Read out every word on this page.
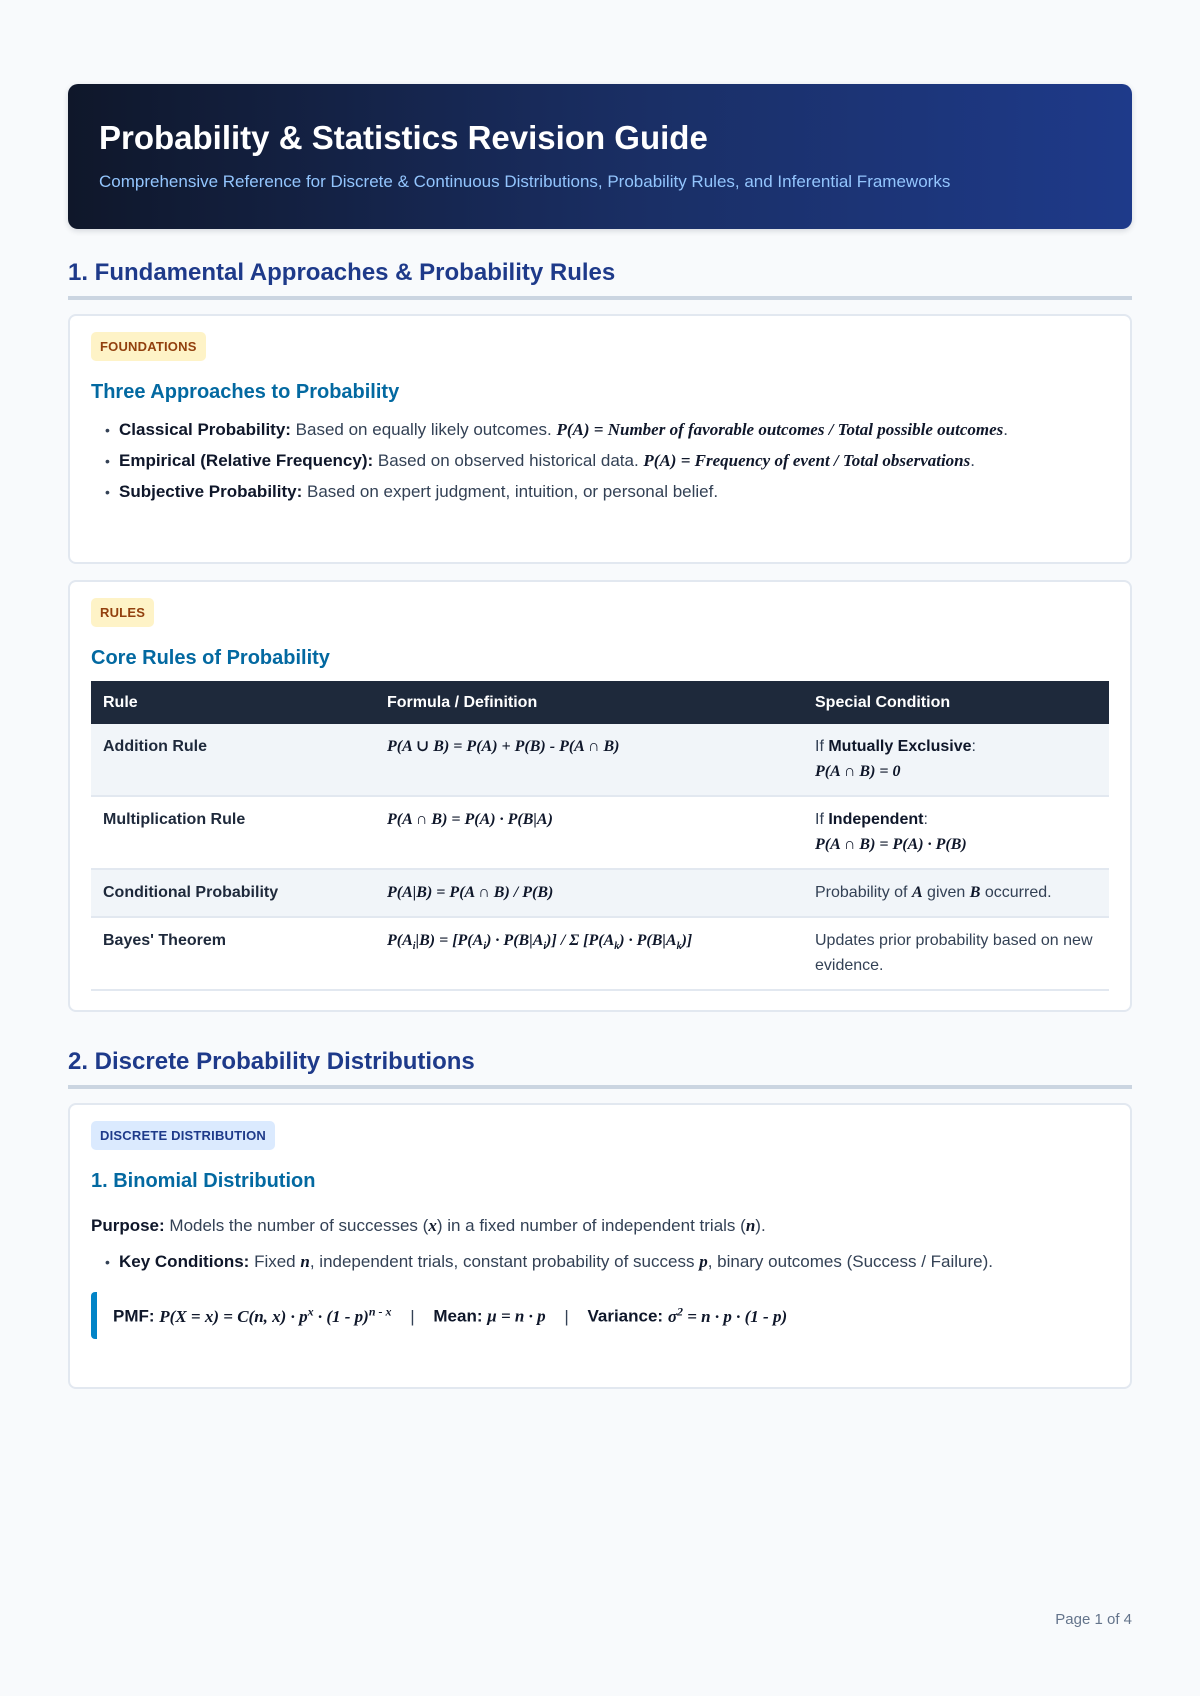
Probability & Statistics Revision Guide
Comprehensive Reference for Discrete & Continuous Distributions, Probability Rules, and Inferential Frameworks
1. Fundamental Approaches & Probability Rules
FOUNDATIONS
Three Approaches to Probability
• Classical Probability: Based on equally likely outcomes. P(A) = Number of favorable outcomes / Total possible outcomes.
• Empirical (Relative Frequency): Based on observed historical data. P(A) = Frequency of event / Total observations.
• Subjective Probability: Based on expert judgment, intuition, or personal belief.
RULES
Core Rules of Probability
Rule	Formula / Definition	Special Condition
Addition Rule	P(A ∪ B) = P(A) + P(B) - P(A ∩ B)	If Mutually Exclusive:
P(A ∩ B) = 0
Multiplication Rule	P(A ∩ B) = P(A) · P(B|A)	If Independent:
P(A ∩ B) = P(A) · P(B)
Conditional Probability	P(A|B) = P(A ∩ B) / P(B)	Probability of A given B occurred.
Bayes' Theorem	$P(A_i|B) = [P(A_i) \cdot P(B|A_i)] / \Sigma$ $[P(A_k) \cdot P(B|A_k)]$	Updates prior probability based on new evidence.
2. Discrete Probability Distributions
DISCRETE DISTRIBUTION
1. Binomial Distribution
Purpose: Models the number of successes (x) in a fixed number of independent trials (n).
• Key Conditions: Fixed n, independent trials, constant probability of success p, binary outcomes (Success / Failure).
PMF: P(X = x) = C(n, $x) \cdot p^x \cdot (1 - p)^{n - x}$ | Mean: μ = n · p | Variance: $\sigma^2 = n \cdot p \cdot (1 - p)$
Page 1 of 4
